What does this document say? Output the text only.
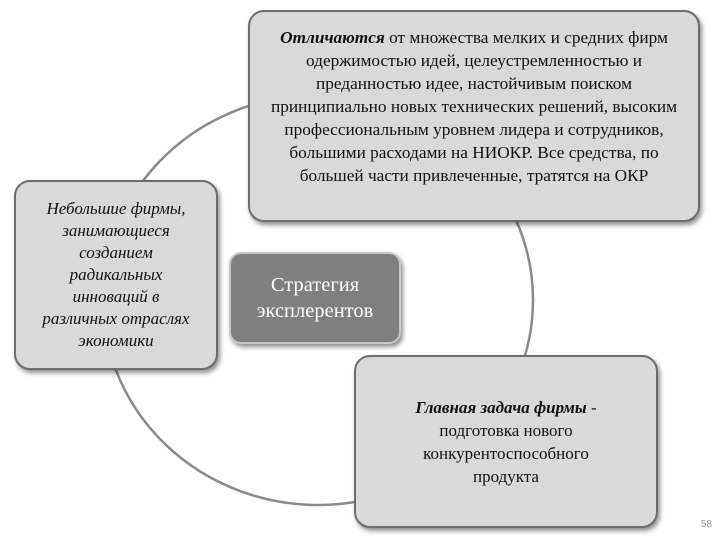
Отличаются от множества мелких и средних фирм одержимостью идей, целеустремленностью и преданностью идее, настойчивым поиском принципиально новых технических решений, высоким профессиональным уровнем лидера и сотрудников, большими расходами на НИОКР. Все средства, по большей части привлеченные, тратятся на ОКР
Небольшие фирмы,
занимающиеся
созданием
радикальных
инноваций в
различных отраслях
экономики
Стратегия
эксплерентов
Главная задача фирмы - подготовка нового конкурентоспособного продукта
58
